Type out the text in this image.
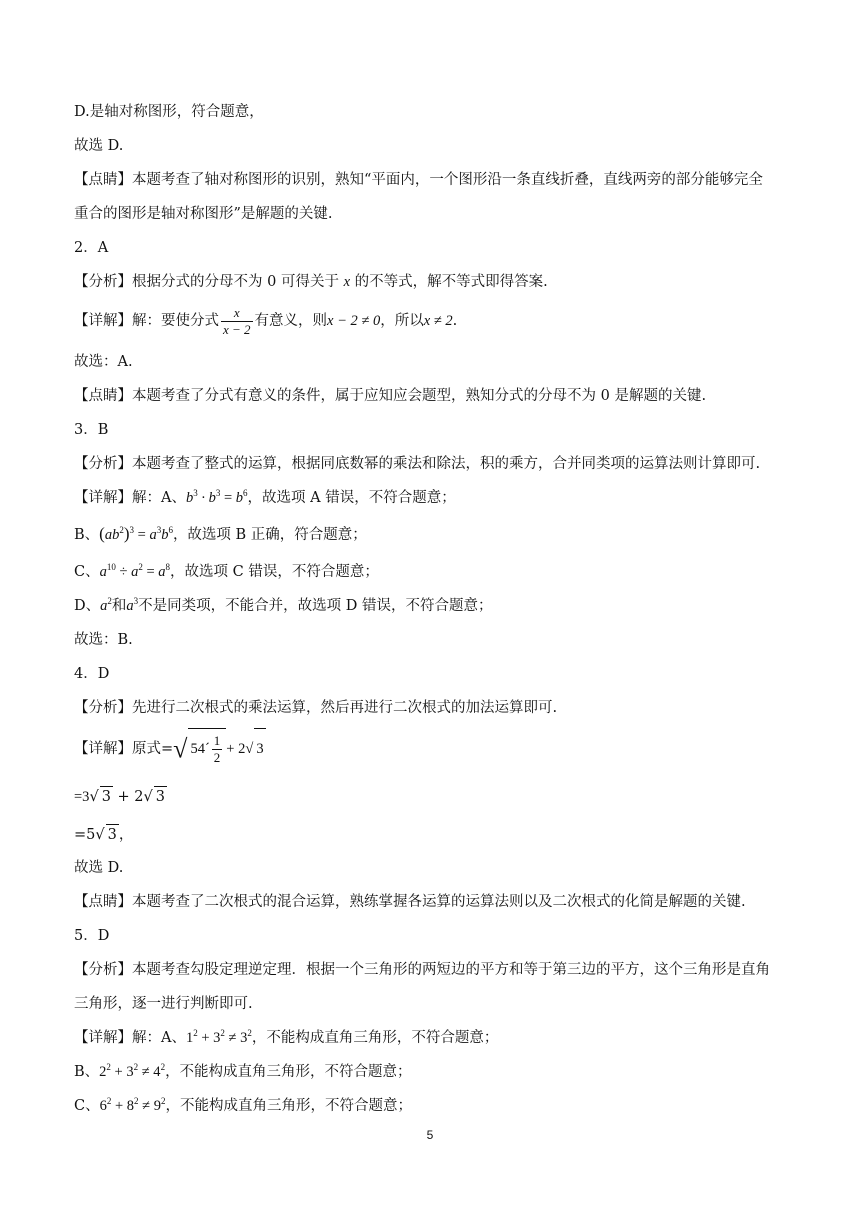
D.是轴对称图形，符合题意，
故选 D.
【点睛】本题考查了轴对称图形的识别，熟知“平面内，一个图形沿一条直线折叠，直线两旁的部分能够完全
重合的图形是轴对称图形”是解题的关键.
2．A
【分析】根据分式的分母不为 0 可得关于 x 的不等式，解不等式即得答案.
【详解】解：要使分式 $\frac{x}{x - 2}$ 有意义，则x − 2 ≠ 0，所以x ≠ 2.
故选：A.
【点睛】本题考查了分式有意义的条件，属于应知应会题型，熟知分式的分母不为 0 是解题的关键.
3．B
【分析】本题考查了整式的运算，根据同底数幂的乘法和除法，积的乘方，合并同类项的运算法则计算即可.
【详解】解：A、$b^3 \cdot b^3 = b^6$，故选项 A 错误，不符合题意；
B、$(ab^2)^3 = a^3b^6$，故选项 B 正确，符合题意；
C、$a^{10} \div a^2 = a^8$，故选项 C 错误，不符合题意；
D、$a^2$和$a^3$不是同类项，不能合并，故选项 D 错误，不符合题意；
故选：B.
4．D
【分析】先进行二次根式的乘法运算，然后再进行二次根式的加法运算即可.
【详解】原式=√ 54´ $\frac{1}{2} + 2√$ 3
=3√ 3 + 2√ 3
=5√ 3 ，
故选 D.
【点睛】本题考查了二次根式的混合运算，熟练掌握各运算的运算法则以及二次根式的化简是解题的关键.
5．D
【分析】本题考查勾股定理逆定理．根据一个三角形的两短边的平方和等于第三边的平方，这个三角形是直角
三角形，逐一进行判断即可.
【详解】解：A、$1^2 + 3^2 \ne 3^2$，不能构成直角三角形，不符合题意；
B、$2^2 + 3^2 \ne 4^2$，不能构成直角三角形，不符合题意；
C、$6^2 + 8^2 \ne 9^2$，不能构成直角三角形，不符合题意；
5
